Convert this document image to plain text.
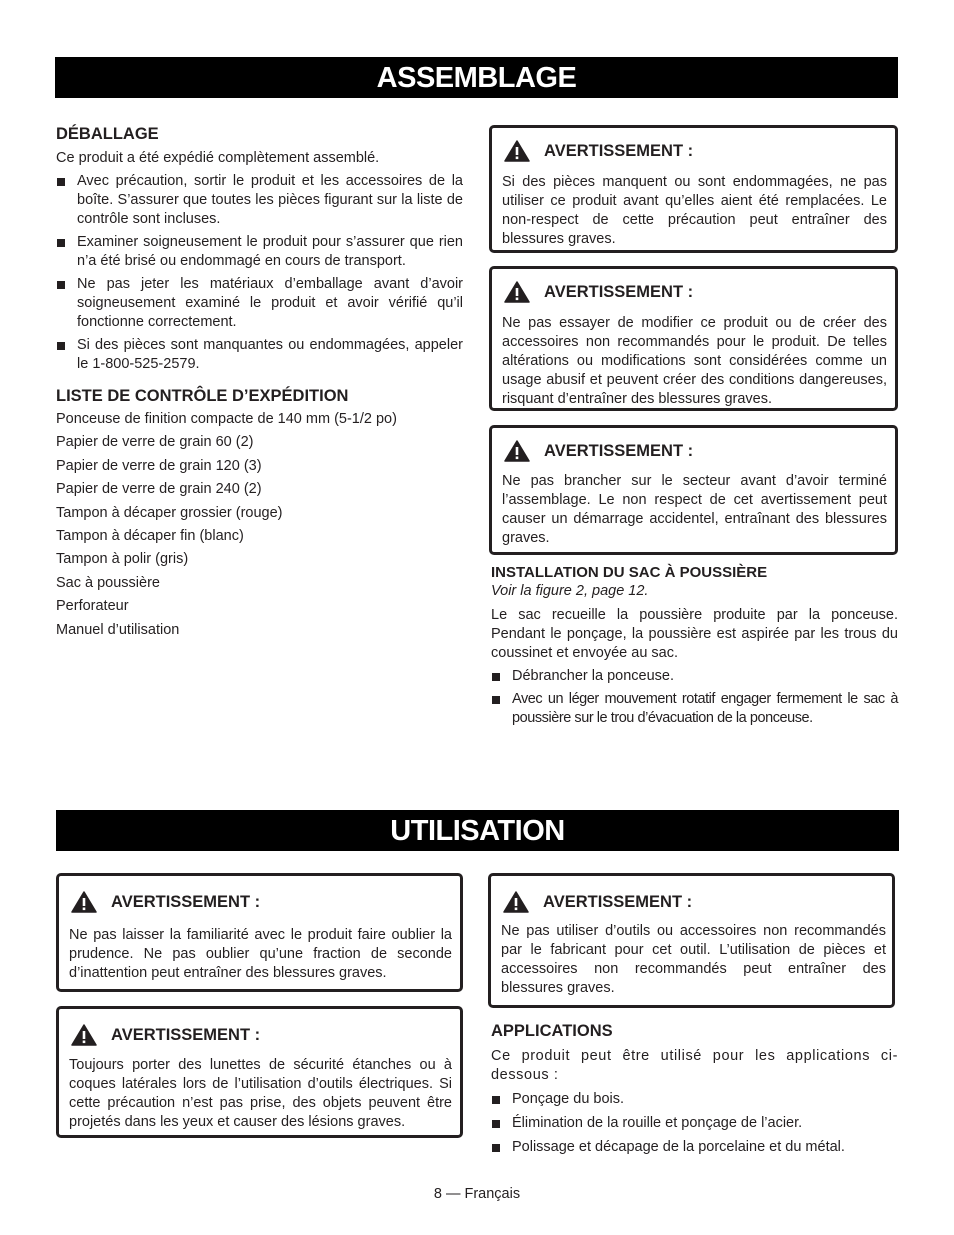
ASSEMBLAGE
DÉBALLAGE

Ce produit a été expédié complètement assemblé.

Avec précaution, sortir le produit et les accessoires de la boîte. S’assurer que toutes les pièces figurant sur la liste de contrôle sont incluses.
Examiner soigneusement le produit pour s’assurer que rien n’a été brisé ou endommagé en cours de transport.
Ne pas jeter les matériaux d’emballage avant d’avoir soigneusement examiné le produit et avoir vérifié qu’il fonctionne correctement.
Si des pièces sont manquantes ou endommagées, appeler le 1-800-525-2579.
LISTE DE CONTRÔLE D’EXPÉDITION
Ponceuse de finition compacte de 140 mm (5-1/2 po)
Papier de verre de grain 60 (2)
Papier de verre de grain 120 (3)
Papier de verre de grain 240 (2)
Tampon à décaper grossier (rouge)
Tampon à décaper fin (blanc)
Tampon à polir (gris)
Sac à poussière
Perforateur
Manuel d’utilisation
AVERTISSEMENT :
Si des pièces manquent ou sont endommagées, ne pas utiliser ce produit avant qu’elles aient été remplacées. Le non-respect de cette précaution peut entraîner des blessures graves.
AVERTISSEMENT :
Ne pas essayer de modifier ce produit ou de créer des accessoires non recommandés pour le produit. De telles altérations ou modifications sont considérées comme un usage abusif et peuvent créer des conditions dangereuses, risquant d’entraîner des blessures graves.
AVERTISSEMENT :
Ne pas brancher sur le secteur avant d’avoir terminé l’assemblage. Le non respect de cet avertissement peut causer un démarrage accidentel, entraînant des blessures graves.
INSTALLATION DU SAC À POUSSIÈRE

Voir la figure 2, page 12.

Le sac recueille la poussière produite par la ponceuse. Pendant le ponçage, la poussière est aspirée par les trous du coussinet et envoyée au sac.

Débrancher la ponceuse.
Avec un léger mouvement rotatif engager fermement le sac à poussière sur le trou d’évacuation de la ponceuse.
UTILISATION
AVERTISSEMENT :
Ne pas laisser la familiarité avec le produit faire oublier la prudence. Ne pas oublier qu’une fraction de seconde d’inattention peut entraîner des blessures graves.
AVERTISSEMENT :
Toujours porter des lunettes de sécurité étanches ou à coques latérales lors de l’utilisation d’outils électriques. Si cette précaution n’est pas prise, des objets peuvent être projetés dans les yeux et causer des lésions graves.
AVERTISSEMENT :
Ne pas utiliser d’outils ou accessoires non recommandés par le fabricant pour cet outil. L’utilisation de pièces et accessoires non recommandés peut entraîner des blessures graves.
APPLICATIONS

Ce produit peut être utilisé pour les applications ci-dessous :

Ponçage du bois.
Élimination de la rouille et ponçage de l’acier.
Polissage et décapage de la porcelaine et du métal.
8 — Français
